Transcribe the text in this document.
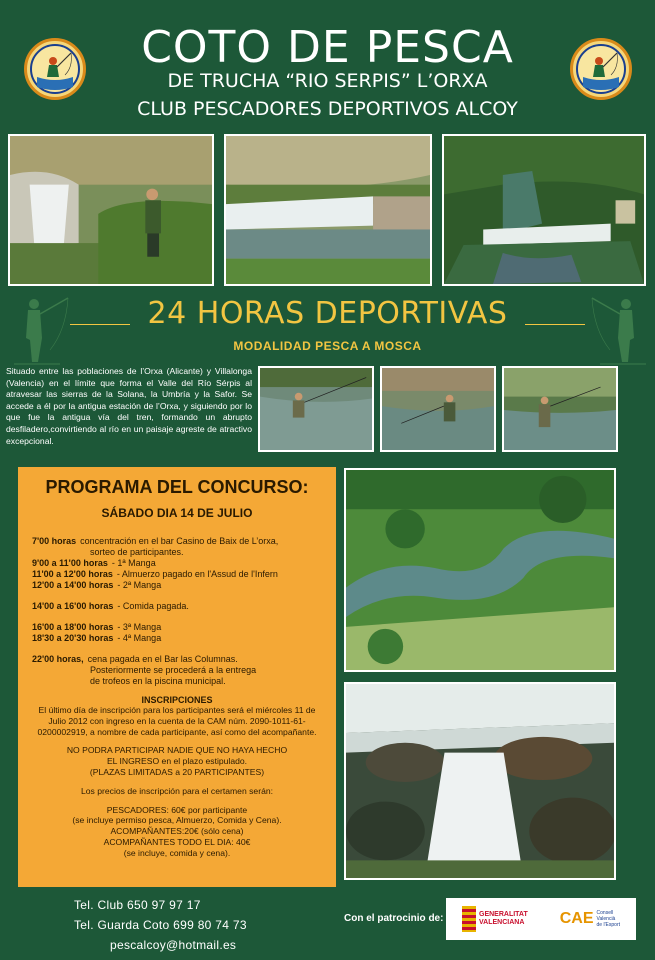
COTO DE PESCA
DE TRUCHA “RIO SERPIS” L’ORXA
CLUB PESCADORES DEPORTIVOS ALCOY
24 HORAS DEPORTIVAS
MODALIDAD PESCA A MOSCA
Situado entre las poblaciones de l’Orxa (Alicante) y Villalonga (Valencia) en el límite que forma el Valle del Río Sérpis al atravesar las sierras de la Solana, la Umbría y la Safor. Se accede a él por la antigua estación de l’Orxa, y siguiendo por lo que fue la antigua vía del tren, formando un abrupto desfiladero,convirtiendo al río en un paisaje agreste de atractivo excepcional.
PROGRAMA DEL CONCURSO:
SÁBADO DIA 14 DE JULIO
7'00 horas concentración en el bar Casino de Baix de L’orxa,
sorteo de participantes.
9'00 a 11'00 horas - 1ª Manga
11'00 a 12'00 horas - Almuerzo pagado en l'Assud de l'Infern
12'00 a 14'00 horas - 2ª Manga
14'00 a 16'00 horas - Comida pagada.
16'00 a 18'00 horas - 3ª Manga
18'30 a 20'30 horas - 4ª Manga
22'00 horas, cena pagada en el Bar las Columnas.
Posteriormente se procederá a la entrega
de trofeos en la piscina municipal.
INSCRIPCIONES
El último día de inscripción para los participantes será el miércoles 11 de Julio 2012 con ingreso en la cuenta de la CAM núm. 2090-1011-61-0200002919, a nombre de cada participante, así como del acompañante.
NO PODRA PARTICIPAR NADIE QUE NO HAYA HECHO
EL INGRESO en el plazo estipulado.
(PLAZAS LIMITADAS a 20 PARTICIPANTES)
Los precios de inscripción para el certamen serán:
PESCADORES: 60€ por participante
(se incluye permiso pesca, Almuerzo, Comida y Cena).
ACOMPAÑANTES:20€ (sólo cena)
ACOMPAÑANTES TODO EL DIA: 40€
(se incluye, comida y cena).
Tel. Club 650 97 97 17
Tel. Guarda Coto 699 80 74 73
pescalcoy@hotmail.es
Con el patrocinio de:	GENERALITAT
VALENCIANA CAE Consell
Valencià
de l'Esport
